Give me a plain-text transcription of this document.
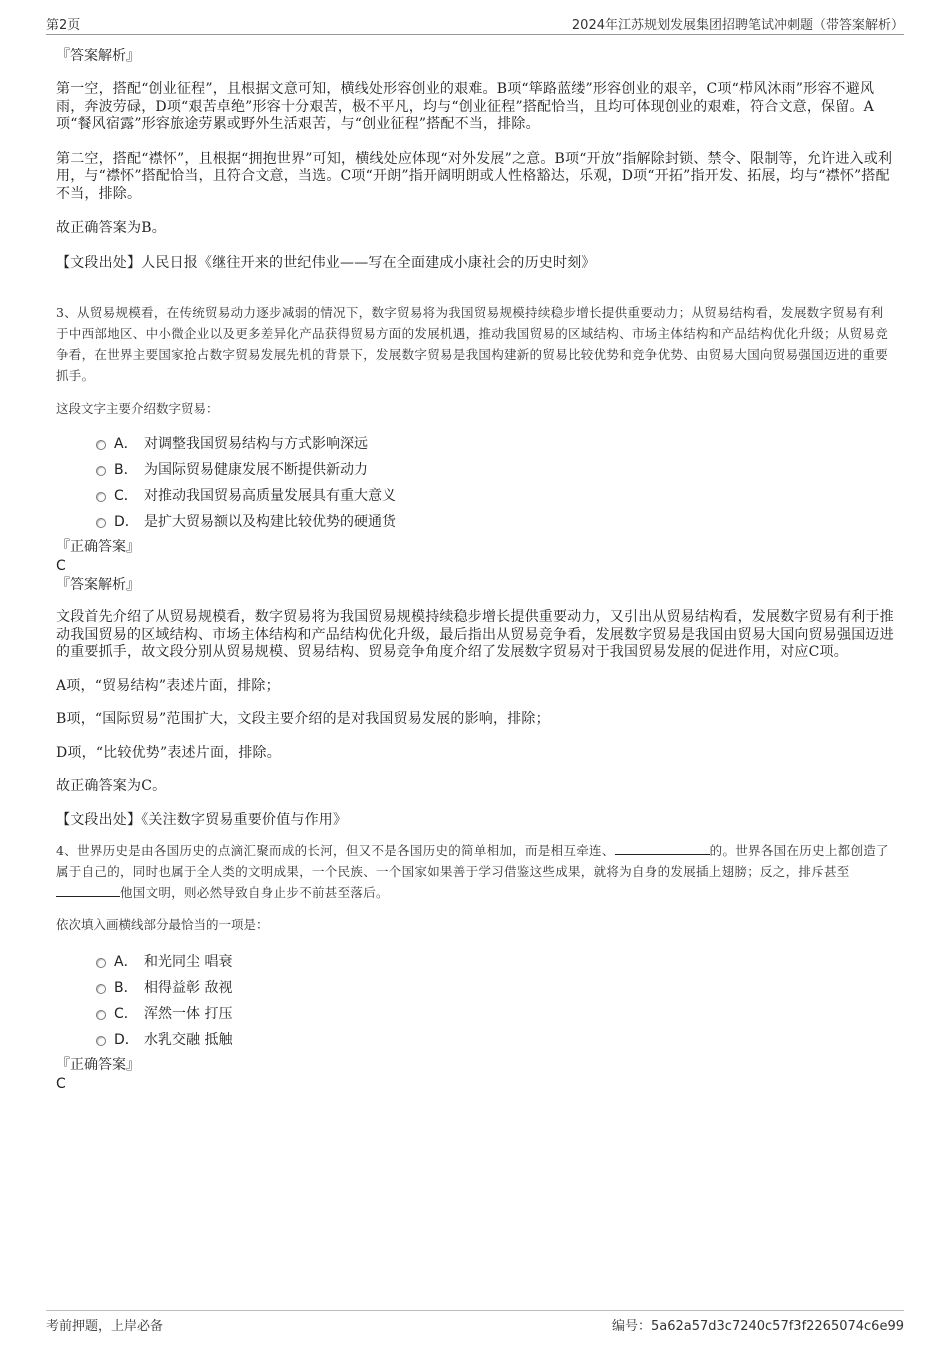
第2页	2024年江苏规划发展集团招聘笔试冲刺题（带答案解析）

『答案解析』

第一空，搭配“创业征程”，且根据文意可知，横线处形容创业的艰难。B项“筚路蓝缕”形容创业的艰辛，C项“栉风沐雨”形容不避风雨，奔波劳碌，D项“艰苦卓绝”形容十分艰苦，极不平凡，均与“创业征程”搭配恰当，且均可体现创业的艰难，符合文意，保留。A项“餐风宿露”形容旅途劳累或野外生活艰苦，与“创业征程”搭配不当，排除。

第二空，搭配“襟怀”，且根据“拥抱世界”可知，横线处应体现“对外发展”之意。B项“开放”指解除封锁、禁令、限制等，允许进入或利用，与“襟怀”搭配恰当，且符合文意，当选。C项“开朗”指开阔明朗或人性格豁达，乐观，D项“开拓”指开发、拓展，均与“襟怀”搭配不当，排除。

故正确答案为B。

【文段出处】人民日报《继往开来的世纪伟业——写在全面建成小康社会的历史时刻》

3、从贸易规模看，在传统贸易动力逐步减弱的情况下，数字贸易将为我国贸易规模持续稳步增长提供重要动力；从贸易结构看，发展数字贸易有利于中西部地区、中小微企业以及更多差异化产品获得贸易方面的发展机遇，推动我国贸易的区域结构、市场主体结构和产品结构优化升级；从贸易竞争看，在世界主要国家抢占数字贸易发展先机的背景下，发展数字贸易是我国构建新的贸易比较优势和竞争优势、由贸易大国向贸易强国迈进的重要抓手。

这段文字主要介绍数字贸易：

A． 对调整我国贸易结构与方式影响深远
B． 为国际贸易健康发展不断提供新动力
C． 对推动我国贸易高质量发展具有重大意义
D． 是扩大贸易额以及构建比较优势的硬通货

『正确答案』

C

『答案解析』

文段首先介绍了从贸易规模看，数字贸易将为我国贸易规模持续稳步增长提供重要动力，又引出从贸易结构看，发展数字贸易有利于推动我国贸易的区域结构、市场主体结构和产品结构优化升级，最后指出从贸易竞争看，发展数字贸易是我国由贸易大国向贸易强国迈进的重要抓手，故文段分别从贸易规模、贸易结构、贸易竞争角度介绍了发展数字贸易对于我国贸易发展的促进作用，对应C项。

A项，“贸易结构”表述片面，排除；

B项，“国际贸易”范围扩大，文段主要介绍的是对我国贸易发展的影响，排除；

D项，“比较优势”表述片面，排除。

故正确答案为C。

【文段出处】《关注数字贸易重要价值与作用》

4、世界历史是由各国历史的点滴汇聚而成的长河，但又不是各国历史的简单相加，而是相互牵连、	的。世界各国在历史上都创造了属于自己的，同时也属于全人类的文明成果，一个民族、一个国家如果善于学习借鉴这些成果，就将为自身的发展插上翅膀；反之，排斥甚至他国文明，则必然导致自身止步不前甚至落后。

依次填入画横线部分最恰当的一项是：

A． 和光同尘 唱衰
B． 相得益彰 敌视
C． 浑然一体 打压
D． 水乳交融 抵触

『正确答案』

C

考前押题，上岸必备	编号：5a62a57d3c7240c57f3f2265074c6e99
